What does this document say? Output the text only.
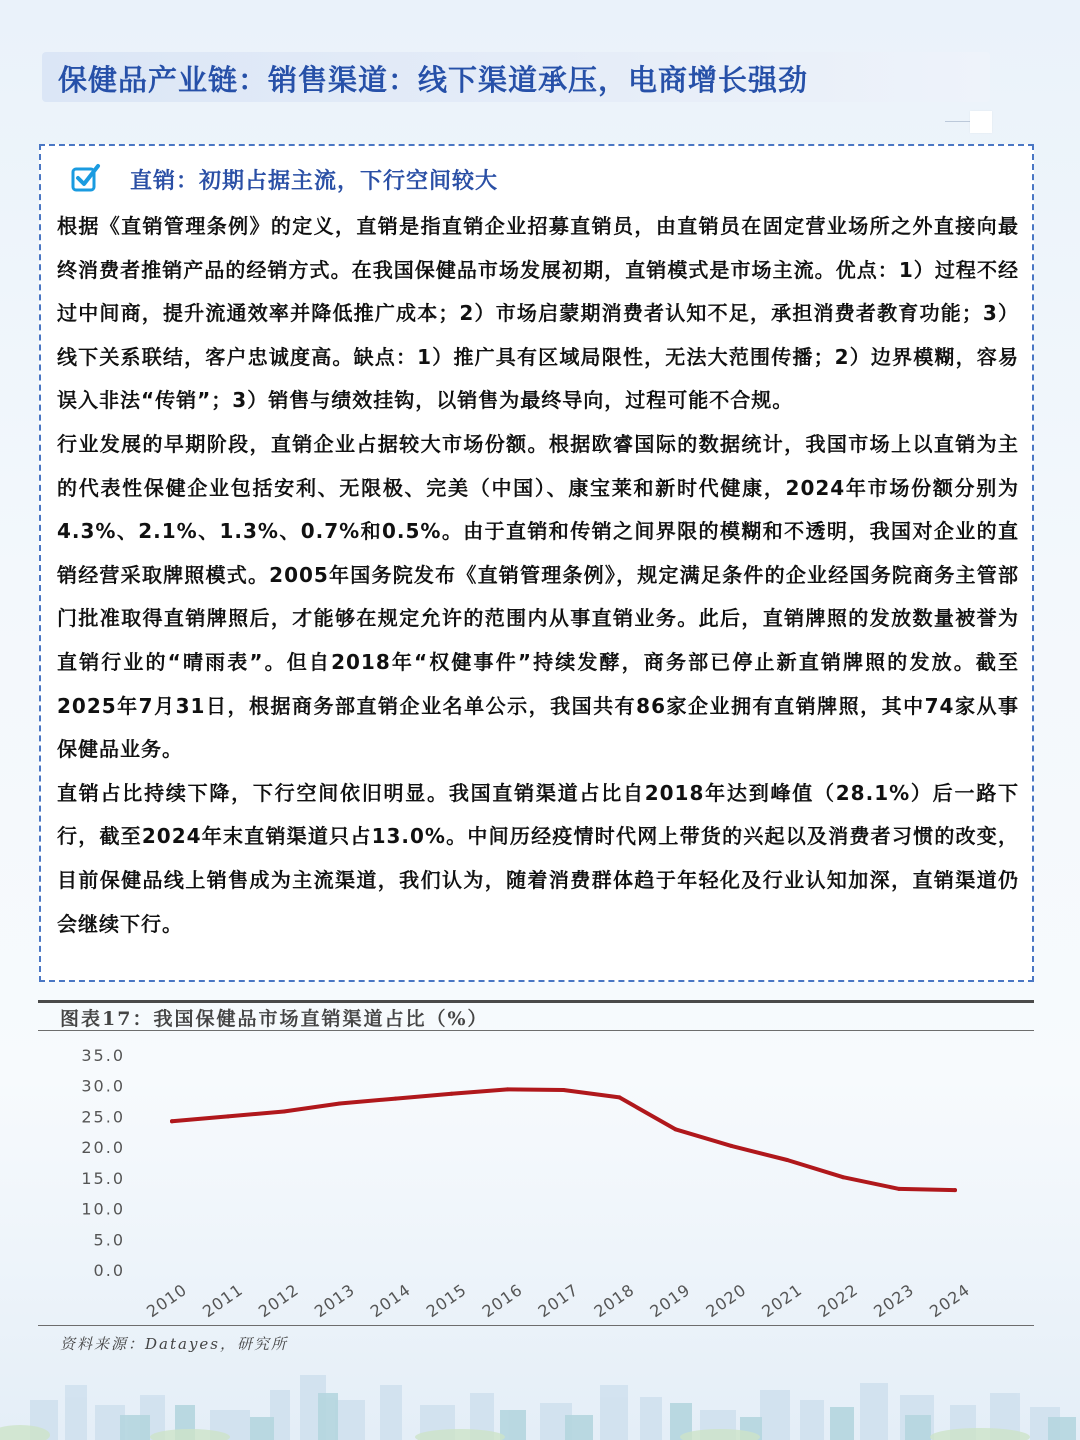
保健品产业链：销售渠道：线下渠道承压，电商增长强劲
直销：初期占据主流，下行空间较大

根据《直销管理条例》的定义，直销是指直销企业招募直销员，由直销员在固定营业场所之外直接向最终消费者推销产品的经销方式。在我国保健品市场发展初期，直销模式是市场主流。优点：1）过程不经过中间商，提升流通效率并降低推广成本；2）市场启蒙期消费者认知不足，承担消费者教育功能；3）线下关系联结，客户忠诚度高。缺点：1）推广具有区域局限性，无法大范围传播；2）边界模糊，容易误入非法“传销”；3）销售与绩效挂钩，以销售为最终导向，过程可能不合规。

行业发展的早期阶段，直销企业占据较大市场份额。根据欧睿国际的数据统计，我国市场上以直销为主的代表性保健企业包括安利、无限极、完美（中国）、康宝莱和新时代健康，2024年市场份额分别为4.3%、2.1%、1.3%、0.7%和0.5%。由于直销和传销之间界限的模糊和不透明，我国对企业的直销经营采取牌照模式。2005年国务院发布《直销管理条例》，规定满足条件的企业经国务院商务主管部门批准取得直销牌照后，才能够在规定允许的范围内从事直销业务。此后，直销牌照的发放数量被誉为直销行业的“晴雨表”。但自2018年“权健事件”持续发酵，商务部已停止新直销牌照的发放。截至2025年7月31日，根据商务部直销企业名单公示，我国共有86家企业拥有直销牌照，其中74家从事保健品业务。

直销占比持续下降，下行空间依旧明显。我国直销渠道占比自2018年达到峰值（28.1%）后一路下行，截至2024年末直销渠道只占13.0%。中间历经疫情时代网上带货的兴起以及消费者习惯的改变，目前保健品线上销售成为主流渠道，我们认为，随着消费群体趋于年轻化及行业认知加深，直销渠道仍会继续下行。

图表17：我国保健品市场直销渠道占比（%）
0.0
5.0
10.0
15.0
20.0
25.0
30.0
35.0
2010 2011 2012 2013 2014 2015 2016 2017 2018 2019 2020 2021 2022 2023 2024
资料来源：Datayes，研究所
